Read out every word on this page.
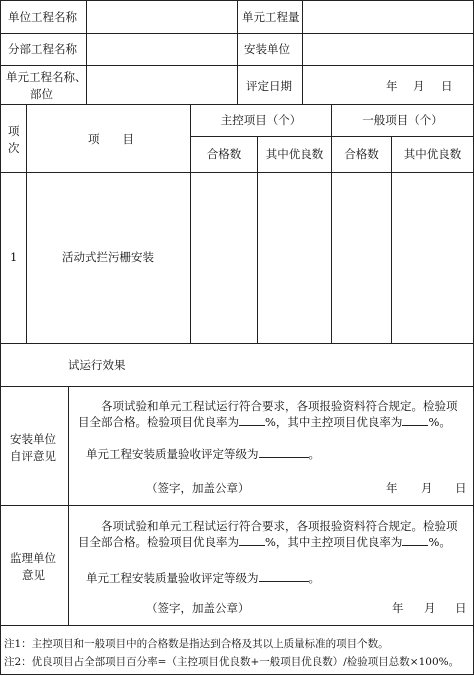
单位工程名称	单元工程量
分部工程名称	安装单位
单元工程名称、
部位
评定日期	年 月 日
项
次
项　　目
主控项目（个）	一般项目（个）
合格数	其中优良数	合格数	其中优良数
1	活动式拦污栅安装
试运行效果
安装单位
自评意见
各项试验和单元工程试运行符合要求，各项报验资料符合规定。检验项目全部合格。检验项目优良率为 %，其中主控项目优良率为 %。
单元工程安装质量验收评定等级为	。
（签字，加盖公章）	年 月 日
监理单位
意见
各项试验和单元工程试运行符合要求，各项报验资料符合规定。检验项目全部合格。检验项目优良率为 %，其中主控项目优良率为 %。
单元工程安装质量验收评定等级为	。
（签字，加盖公章）	年 月 日
注1：主控项目和一般项目中的合格数是指达到合格及其以上质量标准的项目个数。
注2：优良项目占全部项目百分率=（主控项目优良数+一般项目优良数）/检验项目总数×100%。
